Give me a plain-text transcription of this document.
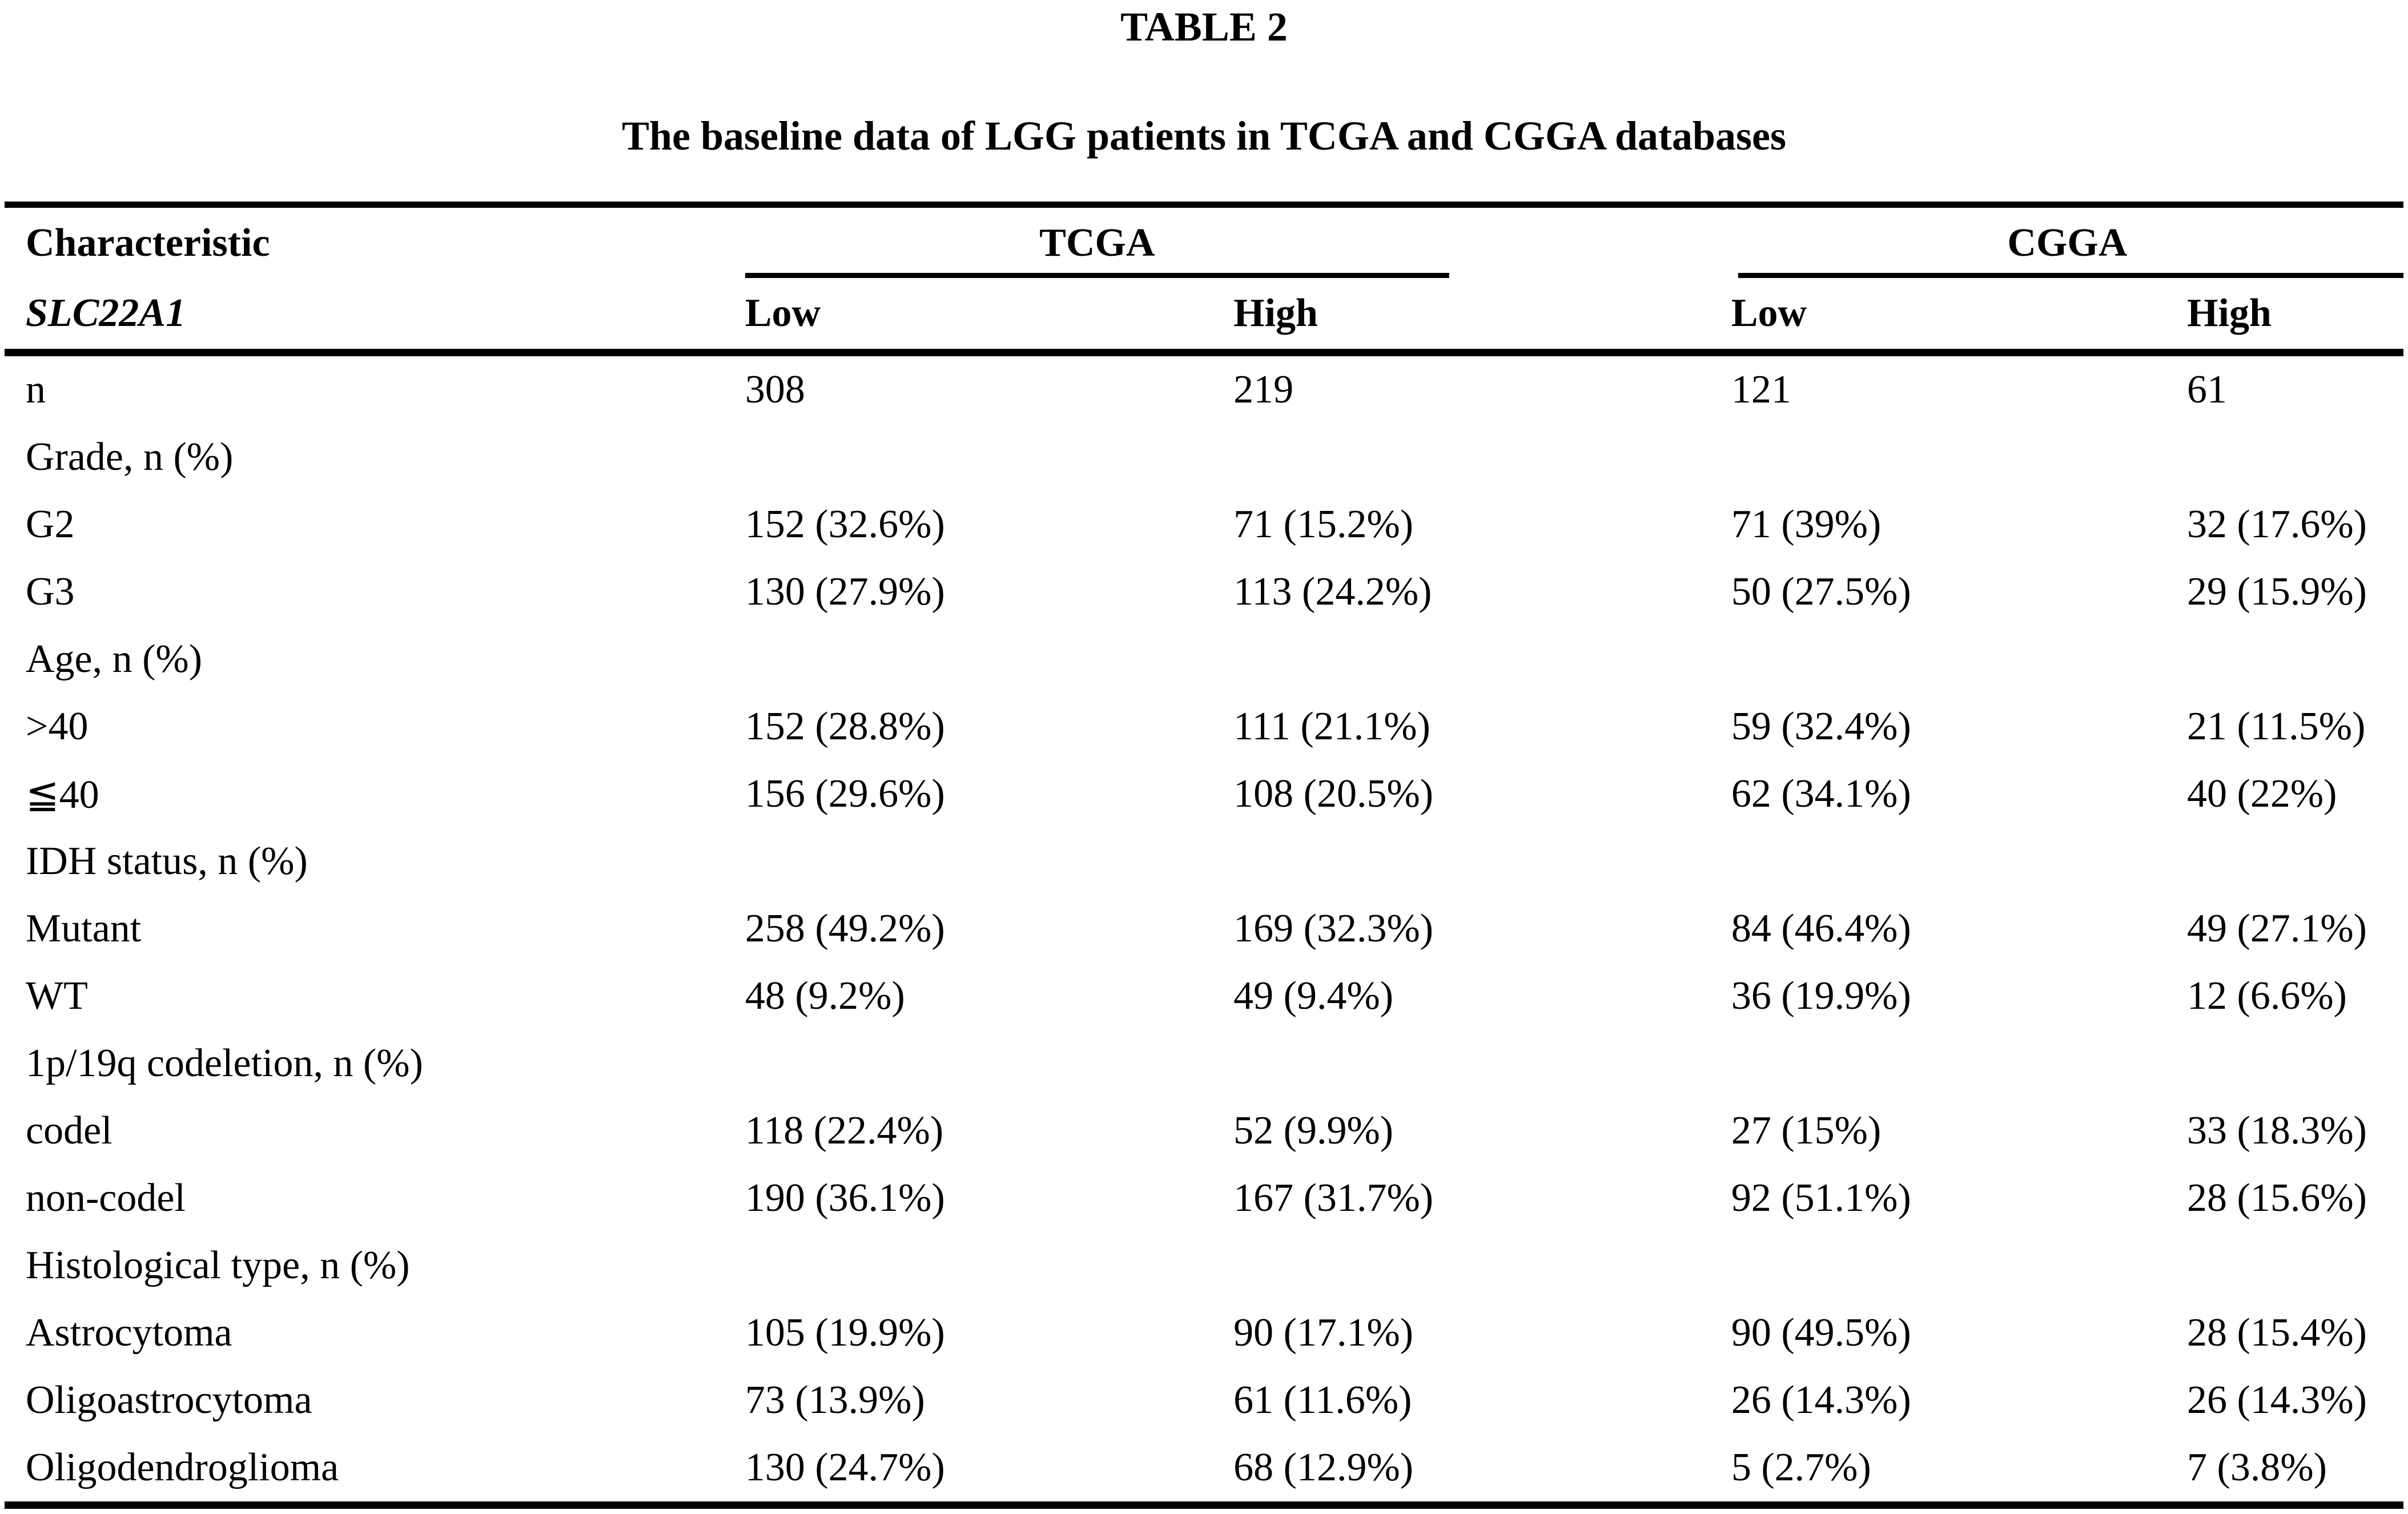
TABLE 2
The baseline data of LGG patients in TCGA and CGGA databases
Characteristic	TCGA	CGGA
SLC22A1	Low	High	Low	High
n	308	219	121	61
Grade, n (%)
G2	152 (32.6%)	71 (15.2%)	71 (39%)	32 (17.6%)
G3	130 (27.9%)	113 (24.2%)	50 (27.5%)	29 (15.9%)
Age, n (%)
>40	152 (28.8%)	111 (21.1%)	59 (32.4%)	21 (11.5%)
≦40	156 (29.6%)	108 (20.5%)	62 (34.1%)	40 (22%)
IDH status, n (%)
Mutant	258 (49.2%)	169 (32.3%)	84 (46.4%)	49 (27.1%)
WT	48 (9.2%)	49 (9.4%)	36 (19.9%)	12 (6.6%)
1p/19q codeletion, n (%)
codel	118 (22.4%)	52 (9.9%)	27 (15%)	33 (18.3%)
non-codel	190 (36.1%)	167 (31.7%)	92 (51.1%)	28 (15.6%)
Histological type, n (%)
Astrocytoma	105 (19.9%)	90 (17.1%)	90 (49.5%)	28 (15.4%)
Oligoastrocytoma	73 (13.9%)	61 (11.6%)	26 (14.3%)	26 (14.3%)
Oligodendroglioma	130 (24.7%)	68 (12.9%)	5 (2.7%)	7 (3.8%)
